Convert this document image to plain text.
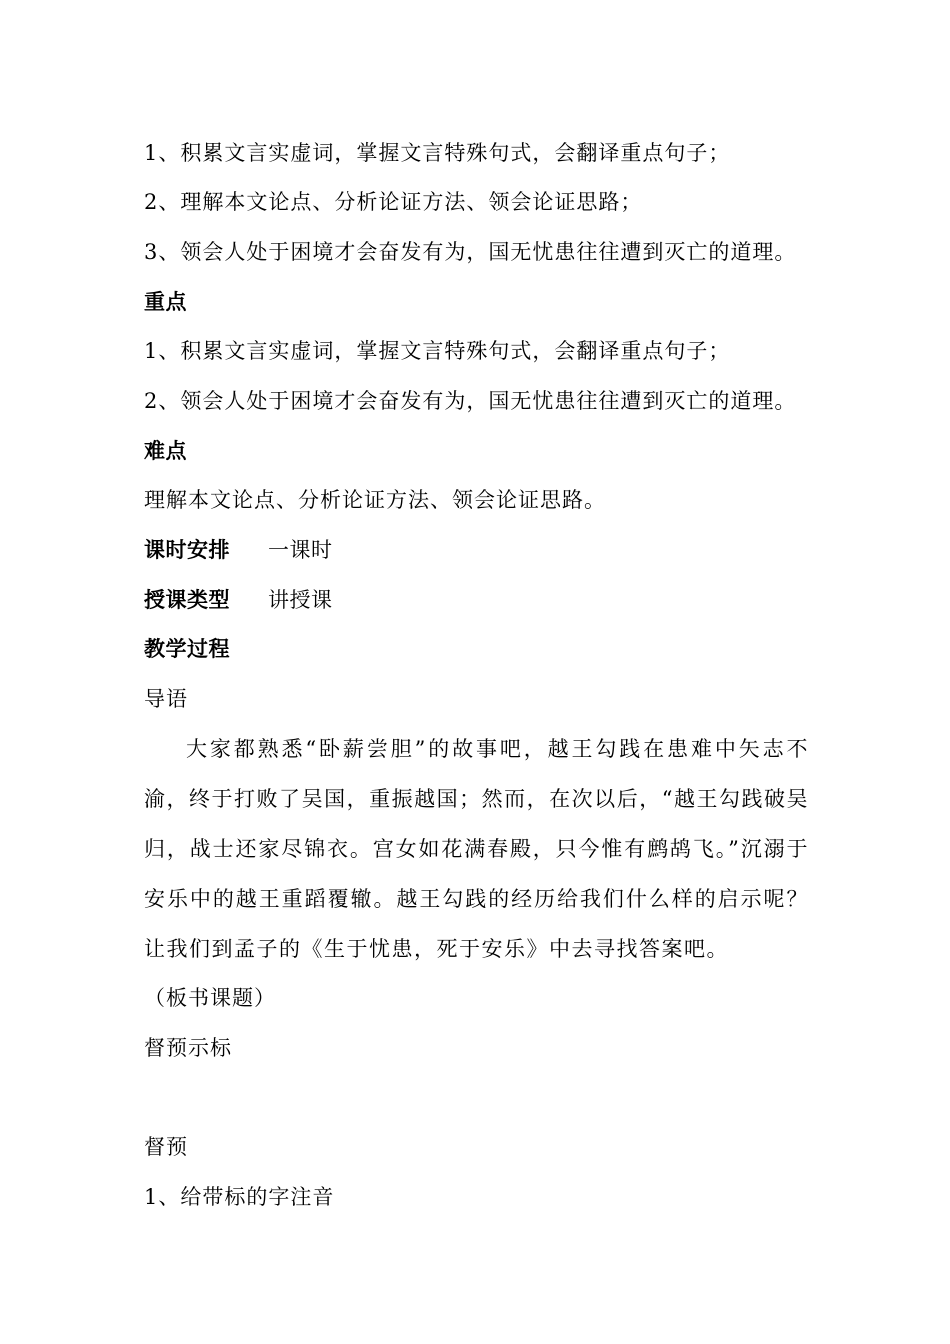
1、积累文言实虚词，掌握文言特殊句式，会翻译重点句子；
2、理解本文论点、分析论证方法、领会论证思路；
3、领会人处于困境才会奋发有为，国无忧患往往遭到灭亡的道理。
重点
1、积累文言实虚词，掌握文言特殊句式，会翻译重点句子；
2、领会人处于困境才会奋发有为，国无忧患往往遭到灭亡的道理。
难点
理解本文论点、分析论证方法、领会论证思路。
课时安排 一课时
授课类型 讲授课
教学过程
导语
大家都熟悉“卧薪尝胆”的故事吧，越王勾践在患难中矢志不渝，终于打败了吴国，重振越国；然而，在次以后，“越王勾践破吴归，战士还家尽锦衣。宫女如花满春殿，只今惟有鹧鸪飞。”沉溺于安乐中的越王重蹈覆辙。越王勾践的经历给我们什么样的启示呢？让我们到孟子的《生于忧患，死于安乐》中去寻找答案吧。
（板书课题）
督预示标
督预
1、给带标的字注音
